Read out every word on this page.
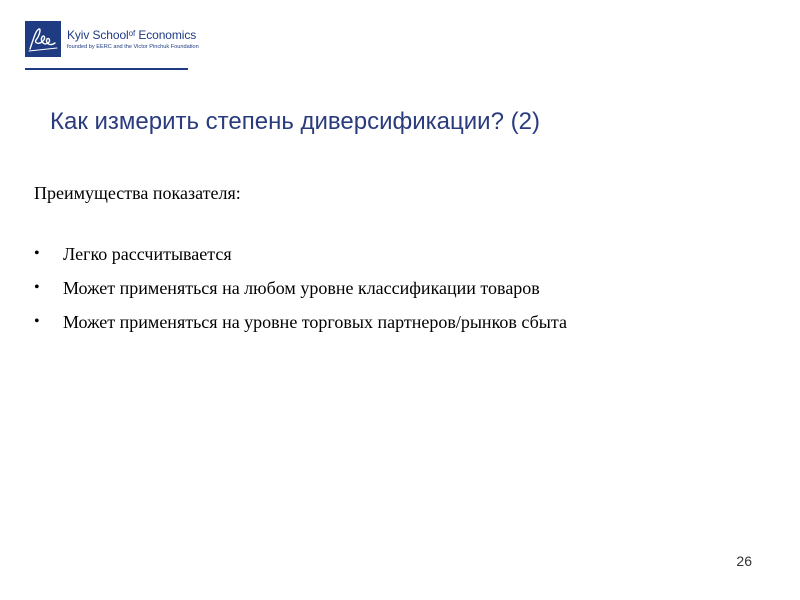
Kyiv School$^{of}$ Economics
founded by EERC and the Victor Pinchuk Foundation
Как измерить степень диверсификации? (2)
Преимущества показателя:
•	Легко рассчитывается
•	Может применяться на любом уровне классификации товаров
•	Может применяться на уровне торговых партнеров/рынков сбыта
26
